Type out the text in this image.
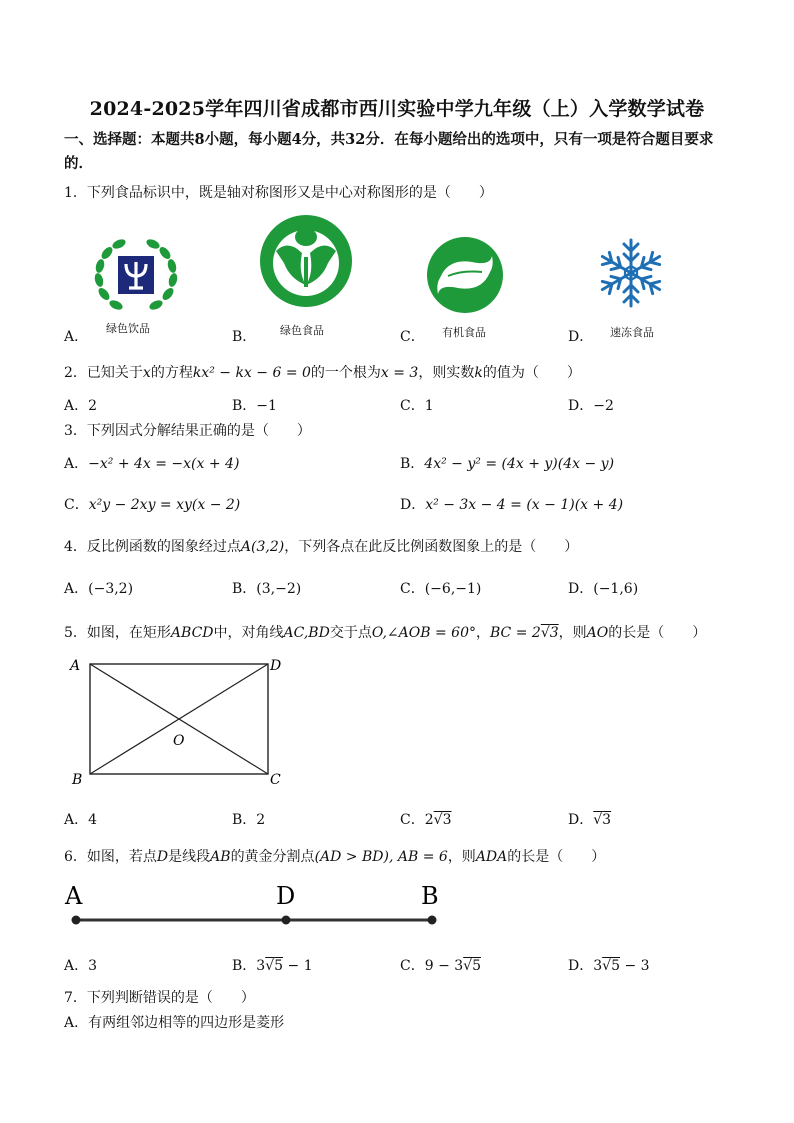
2024-2025学年四川省成都市西川实验中学九年级（上）入学数学试卷
一、选择题：本题共8小题，每小题4分，共32分．在每小题给出的选项中，只有一项是符合题目要求的．
1．下列食品标识中，既是轴对称图形又是中心对称图形的是（　　）
绿色饮品	绿色食品	有机食品	速冻食品
A．	B．	C．	D．
2．已知关于x的方程kx² − kx − 6 = 0的一个根为x = 3，则实数k的值为（　　）
A．2	B．−1	C．1	D．−2
3．下列因式分解结果正确的是（　　）
A．−x² + 4x = −x(x + 4)	B．4x² − y² = (4x + y)(4x − y)
C．x²y − 2xy = xy(x − 2)	D．x² − 3x − 4 = (x − 1)(x + 4)
4．反比例函数的图象经过点A(3,2)，下列各点在此反比例函数图象上的是（　　）
A．(−3,2)	B．(3,−2)	C．(−6,−1)	D．(−1,6)
5．如图，在矩形ABCD中，对角线AC,BD交于点O,∠AOB = 60°，BC = 2√3，则AO的长是（　　）
A	D
B	C
O
A．4	B．2	C．2√3	D．√3
6．如图，若点D是线段AB的黄金分割点(AD > BD), AB = 6，则ADA的长是（　　）
A	D	B
A．3	B．3√5 − 1	C．9 − 3√5	D．3√5 − 3
7．下列判断错误的是（　　）
A．有两组邻边相等的四边形是菱形
